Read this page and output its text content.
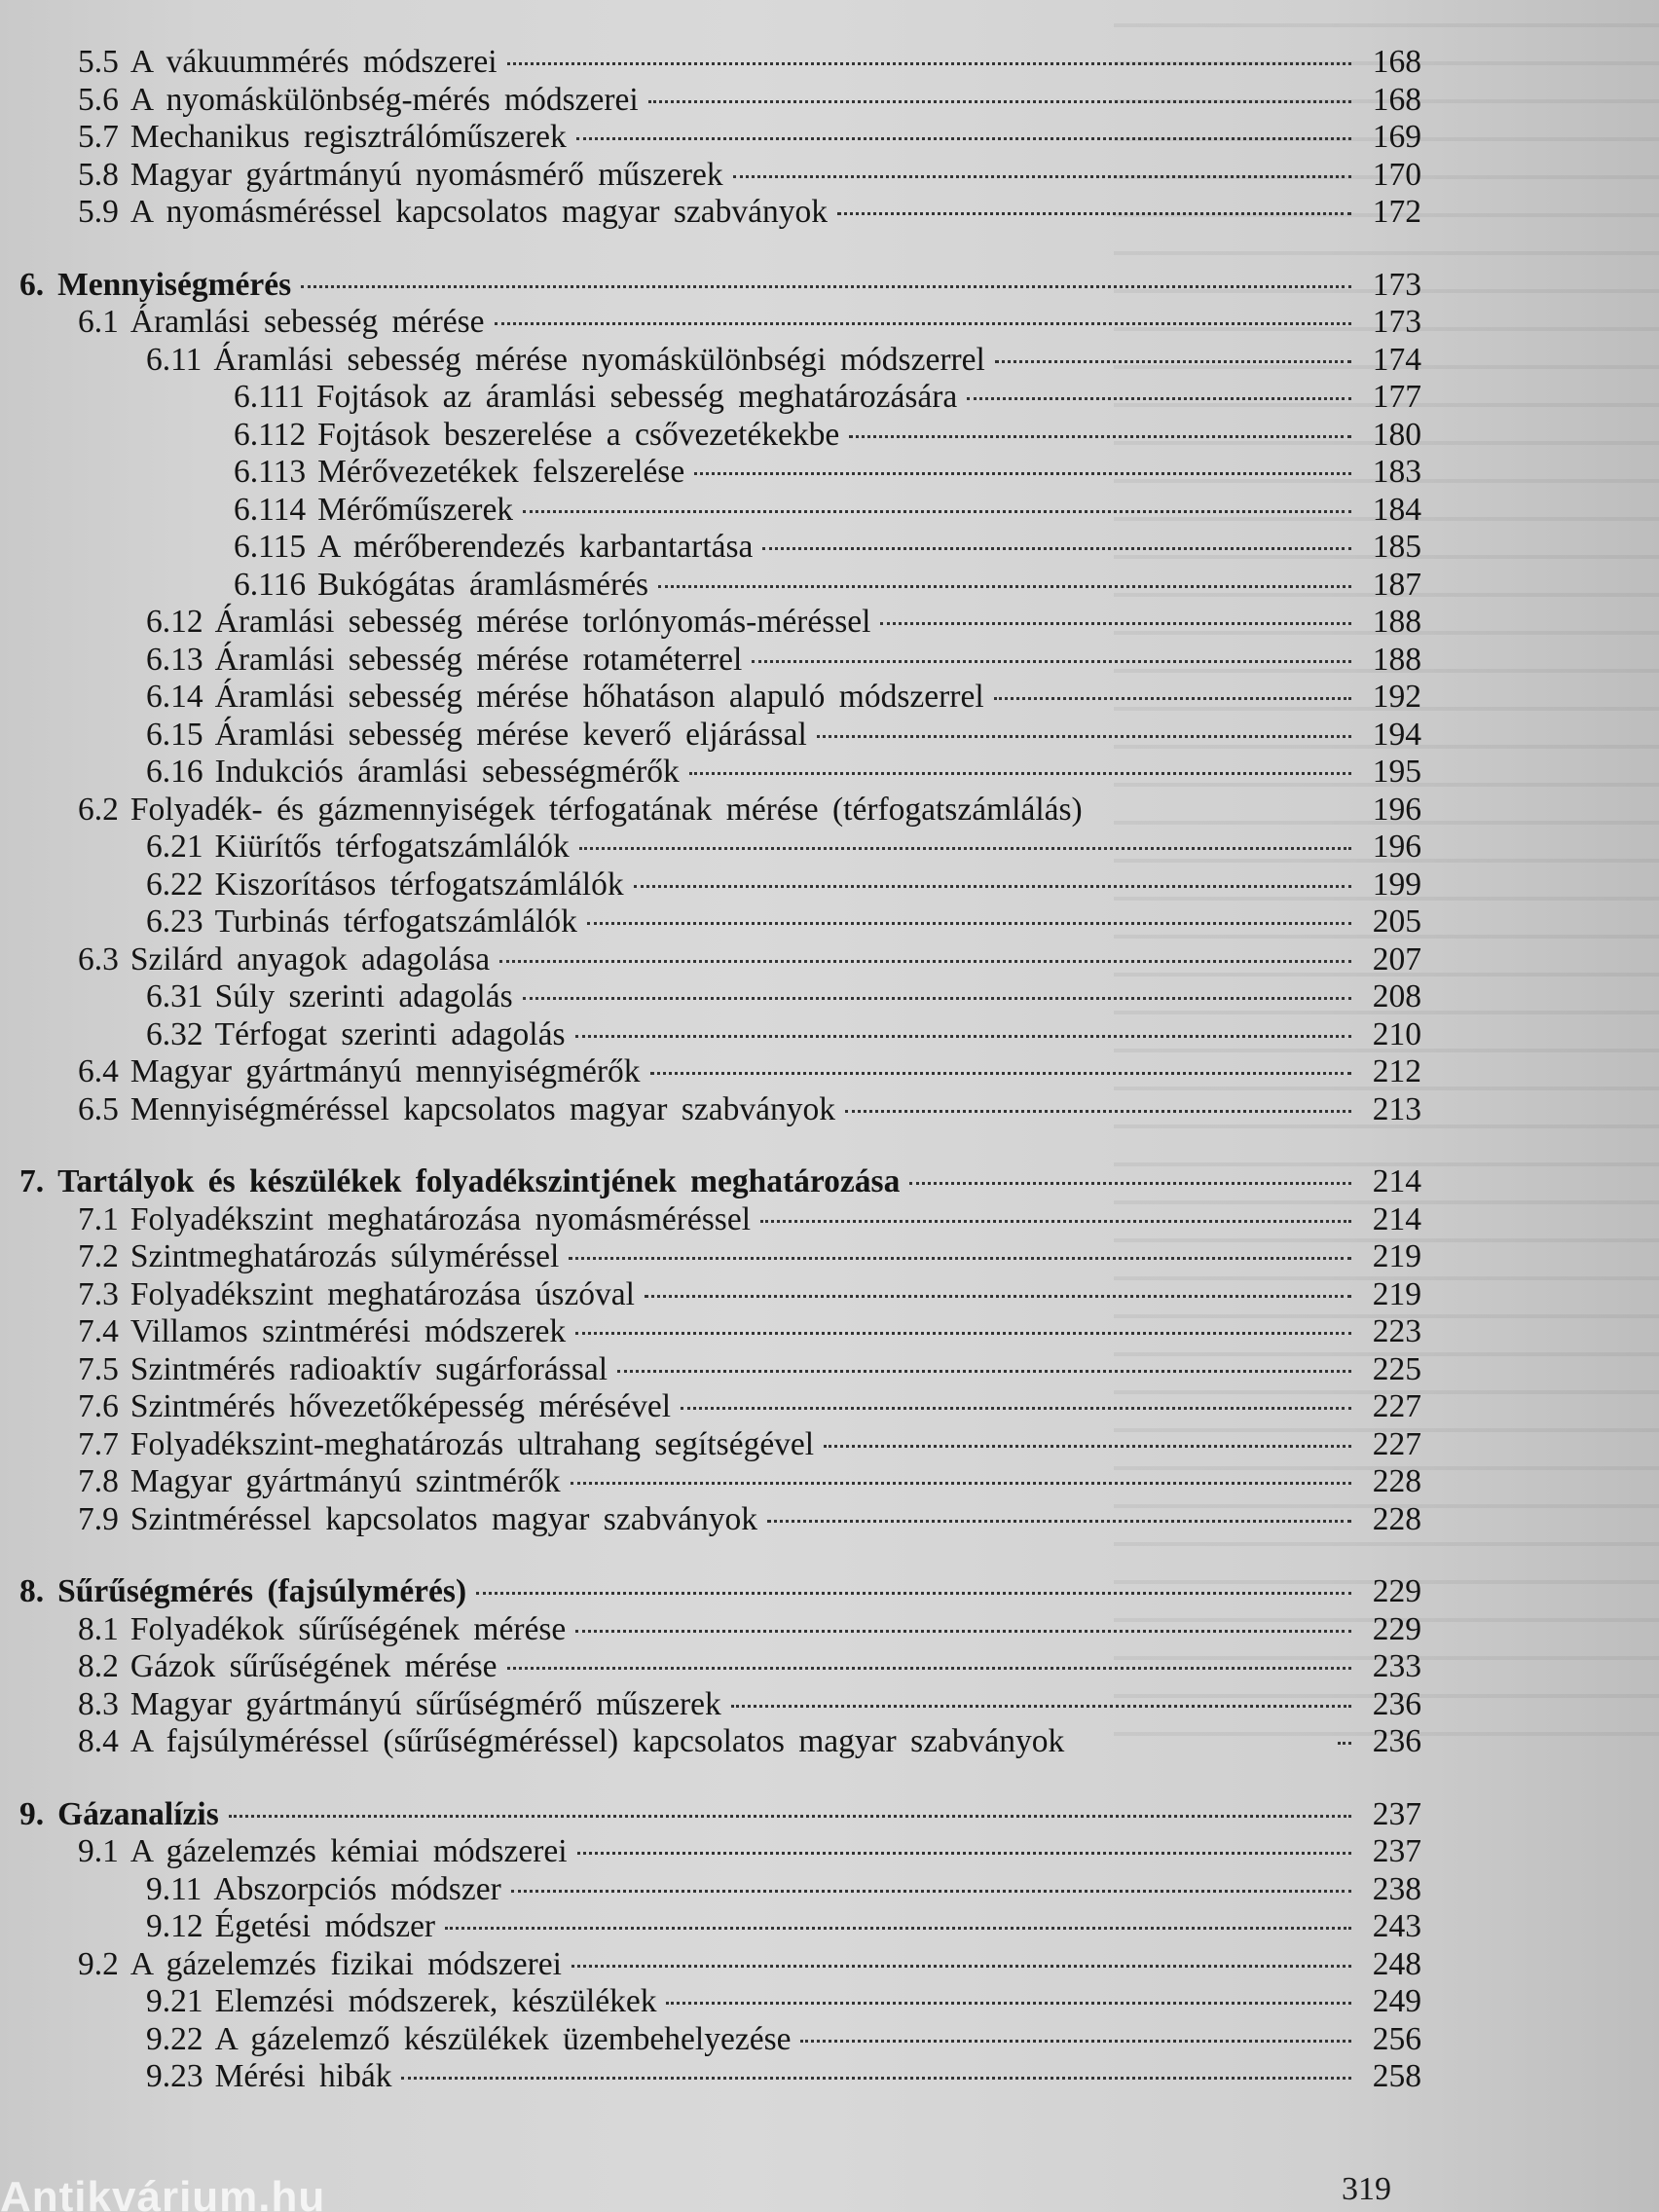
5.5 A vákuummérés módszerei	168
5.6 A nyomáskülönbség-mérés módszerei	168
5.7 Mechanikus regisztrálóműszerek	169
5.8 Magyar gyártmányú nyomásmérő műszerek	170
5.9 A nyomásméréssel kapcsolatos magyar szabványok	172
6. Mennyiségmérés	173
6.1 Áramlási sebesség mérése	173
6.11 Áramlási sebesség mérése nyomáskülönbségi módszerrel	174
6.111 Fojtások az áramlási sebesség meghatározására	177
6.112 Fojtások beszerelése a csővezetékekbe	180
6.113 Mérővezetékek felszerelése	183
6.114 Mérőműszerek	184
6.115 A mérőberendezés karbantartása	185
6.116 Bukógátas áramlásmérés	187
6.12 Áramlási sebesség mérése torlónyomás-méréssel	188
6.13 Áramlási sebesség mérése rotaméterrel	188
6.14 Áramlási sebesség mérése hőhatáson alapuló módszerrel	192
6.15 Áramlási sebesség mérése keverő eljárással	194
6.16 Indukciós áramlási sebességmérők	195
6.2 Folyadék- és gázmennyiségek térfogatának mérése (térfogatszámlálás)	196
6.21 Kiürítős térfogatszámlálók	196
6.22 Kiszorításos térfogatszámlálók	199
6.23 Turbinás térfogatszámlálók	205
6.3 Szilárd anyagok adagolása	207
6.31 Súly szerinti adagolás	208
6.32 Térfogat szerinti adagolás	210
6.4 Magyar gyártmányú mennyiségmérők	212
6.5 Mennyiségméréssel kapcsolatos magyar szabványok	213
7. Tartályok és készülékek folyadékszintjének meghatározása	214
7.1 Folyadékszint meghatározása nyomásméréssel	214
7.2 Szintmeghatározás súlyméréssel	219
7.3 Folyadékszint meghatározása úszóval	219
7.4 Villamos szintmérési módszerek	223
7.5 Szintmérés radioaktív sugárforással	225
7.6 Szintmérés hővezetőképesség mérésével	227
7.7 Folyadékszint-meghatározás ultrahang segítségével	227
7.8 Magyar gyártmányú szintmérők	228
7.9 Szintméréssel kapcsolatos magyar szabványok	228
8. Sűrűségmérés (fajsúlymérés)	229
8.1 Folyadékok sűrűségének mérése	229
8.2 Gázok sűrűségének mérése	233
8.3 Magyar gyártmányú sűrűségmérő műszerek	236
8.4 A fajsúlyméréssel (sűrűségméréssel) kapcsolatos magyar szabványok	236
9. Gázanalízis	237
9.1 A gázelemzés kémiai módszerei	237
9.11 Abszorpciós módszer	238
9.12 Égetési módszer	243
9.2 A gázelemzés fizikai módszerei	248
9.21 Elemzési módszerek, készülékek	249
9.22 A gázelemző készülékek üzembehelyezése	256
9.23 Mérési hibák	258
319
Antikvárium.hu
